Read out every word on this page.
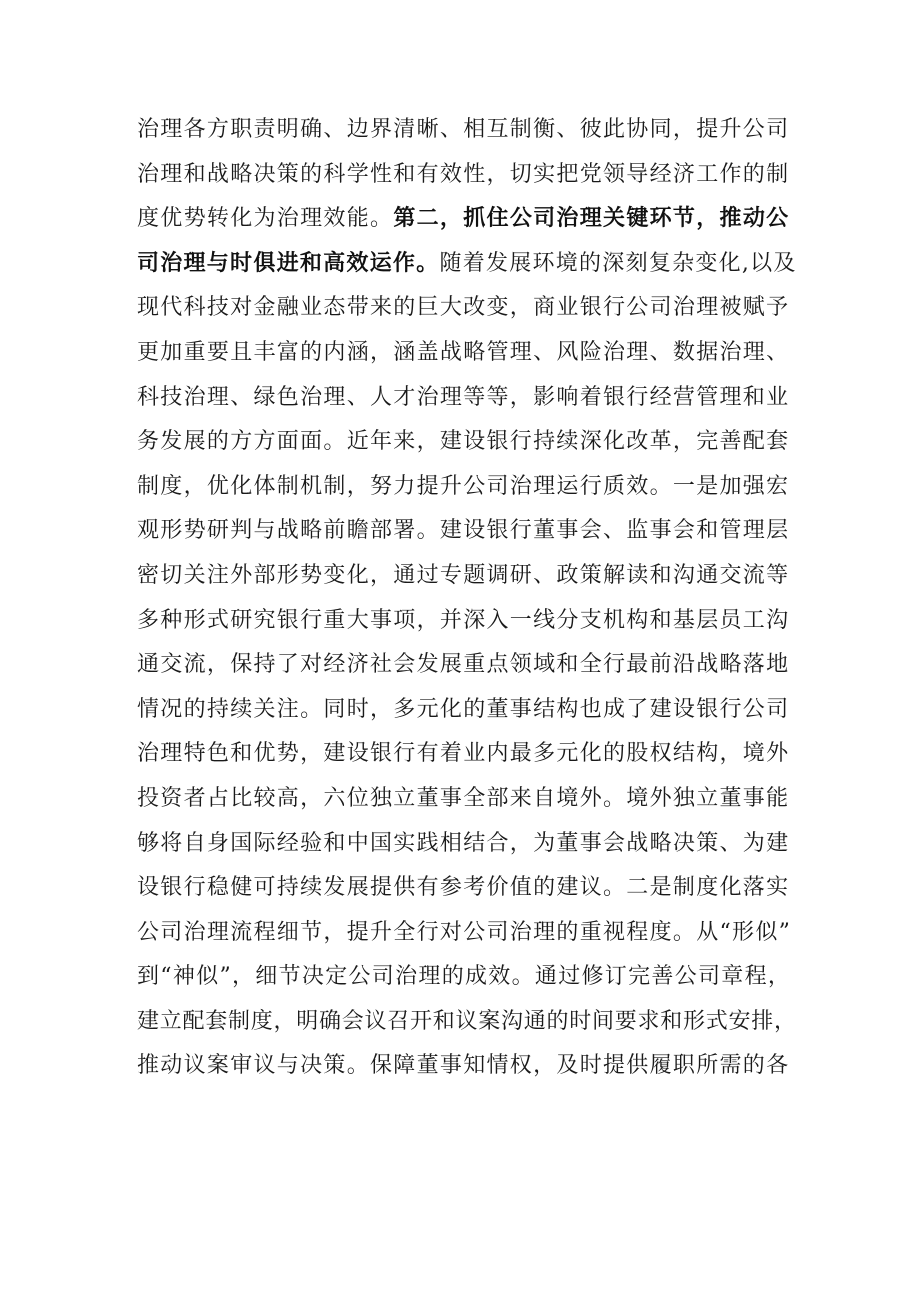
治理各方职责明确、边界清晰、相互制衡、彼此协同，提升公司
治理和战略决策的科学性和有效性，切实把党领导经济工作的制
度优势转化为治理效能。第二，抓住公司治理关键环节，推动公
司治理与时俱进和高效运作。随着发展环境的深刻复杂变化,以及
现代科技对金融业态带来的巨大改变，商业银行公司治理被赋予
更加重要且丰富的内涵，涵盖战略管理、风险治理、数据治理、
科技治理、绿色治理、人才治理等等，影响着银行经营管理和业
务发展的方方面面。近年来，建设银行持续深化改革，完善配套
制度，优化体制机制，努力提升公司治理运行质效。一是加强宏
观形势研判与战略前瞻部署。建设银行董事会、监事会和管理层
密切关注外部形势变化，通过专题调研、政策解读和沟通交流等
多种形式研究银行重大事项，并深入一线分支机构和基层员工沟
通交流，保持了对经济社会发展重点领域和全行最前沿战略落地
情况的持续关注。同时，多元化的董事结构也成了建设银行公司
治理特色和优势，建设银行有着业内最多元化的股权结构，境外
投资者占比较高，六位独立董事全部来自境外。境外独立董事能
够将自身国际经验和中国实践相结合，为董事会战略决策、为建
设银行稳健可持续发展提供有参考价值的建议。二是制度化落实
公司治理流程细节，提升全行对公司治理的重视程度。从“形似”
到“神似”，细节决定公司治理的成效。通过修订完善公司章程，
建立配套制度，明确会议召开和议案沟通的时间要求和形式安排，
推动议案审议与决策。保障董事知情权，及时提供履职所需的各
